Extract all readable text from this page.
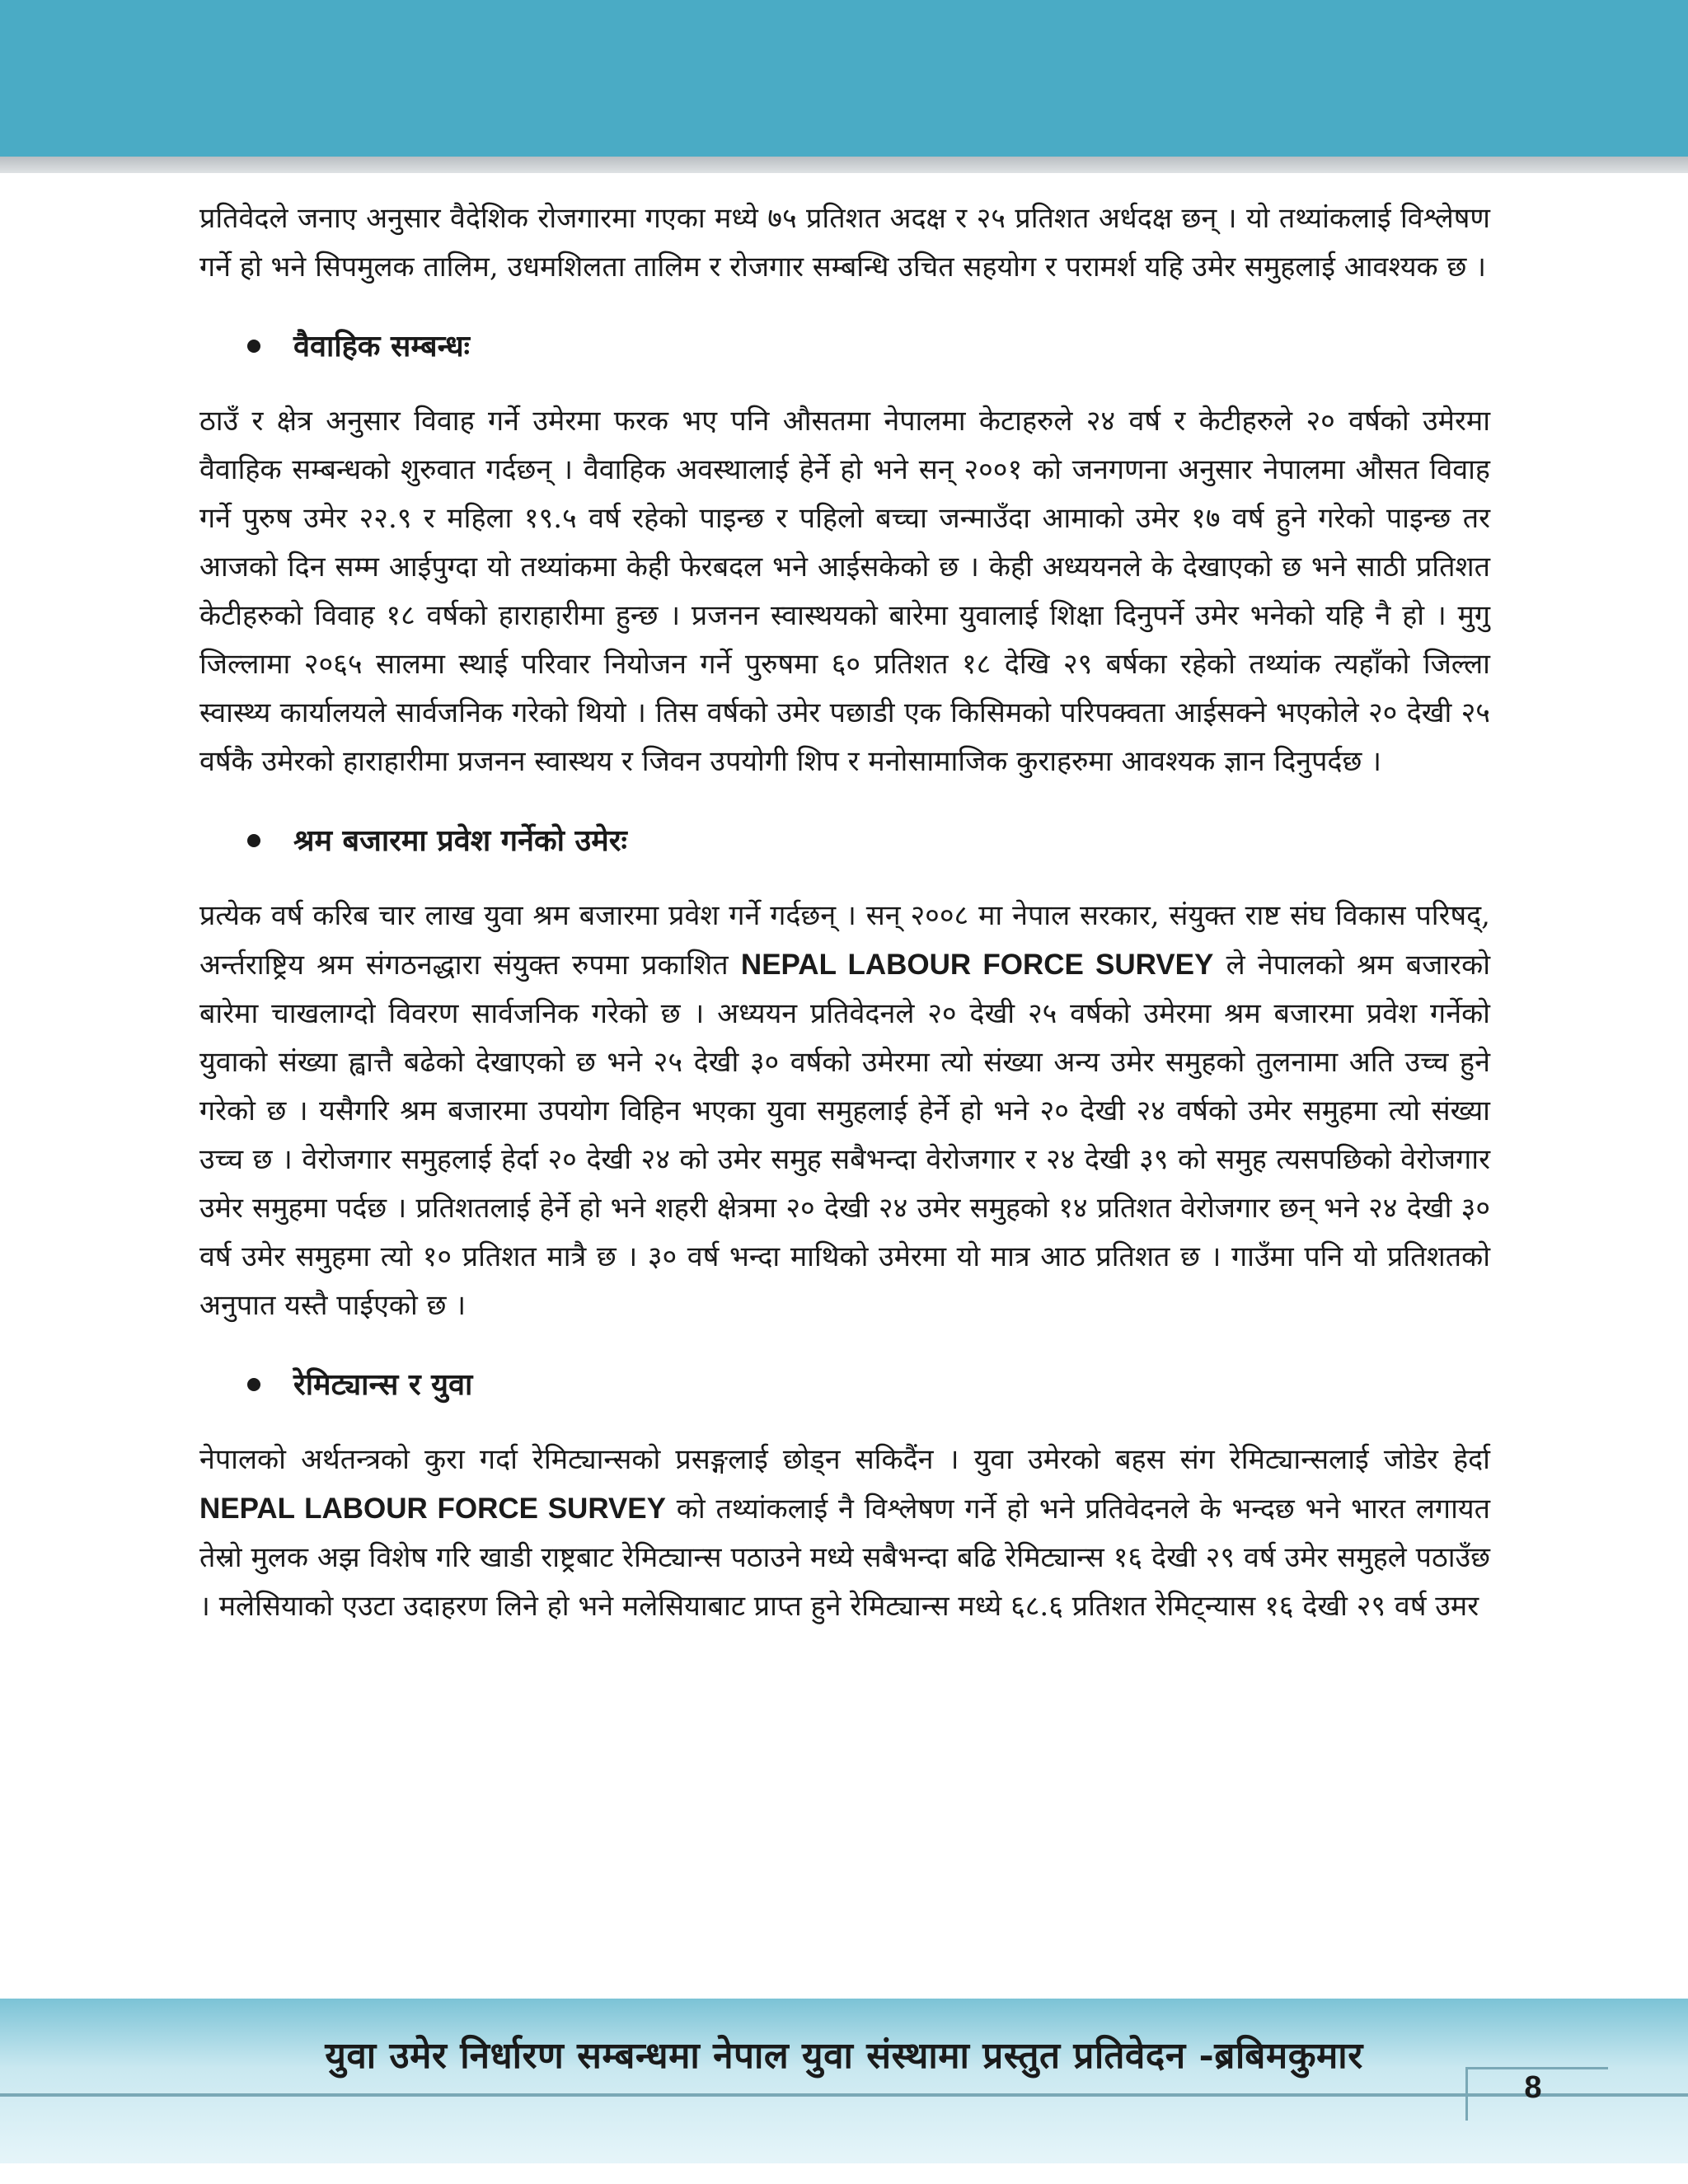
प्रतिवेदले जनाए अनुसार वैदेशिक रोजगारमा गएका मध्ये ७५ प्रतिशत अदक्ष र २५ प्रतिशत अर्धदक्ष छन् । यो तथ्यांकलाई विश्लेषण गर्ने हो भने सिपमुलक तालिम, उधमशिलता तालिम र रोजगार सम्बन्धि उचित सहयोग र परामर्श यहि उमेर समुहलाई आवश्यक छ ।

वैवाहिक सम्बन्धः

ठाउँ र क्षेत्र अनुसार विवाह गर्ने उमेरमा फरक भए पनि औसतमा नेपालमा केटाहरुले २४ वर्ष र केटीहरुले २० वर्षको उमेरमा वैवाहिक सम्बन्धको शुरुवात गर्दछन् । वैवाहिक अवस्थालाई हेर्ने हो भने सन् २००१ को जनगणना अनुसार नेपालमा औसत विवाह गर्ने पुरुष उमेर २२.९ र महिला १९.५ वर्ष रहेको पाइन्छ र पहिलो बच्चा जन्माउँदा आमाको उमेर १७ वर्ष हुने गरेको पाइन्छ तर आजको दिन सम्म आईपुग्दा यो तथ्यांकमा केही फेरबदल भने आईसकेको छ । केही अध्ययनले के देखाएको छ भने साठी प्रतिशत केटीहरुको विवाह १८ वर्षको हाराहारीमा हुन्छ । प्रजनन स्वास्थयको बारेमा युवालाई शिक्षा दिनुपर्ने उमेर भनेको यहि नै हो । मुगु जिल्लामा २०६५ सालमा स्थाई परिवार नियोजन गर्ने पुरुषमा ६० प्रतिशत १८ देखि २९ बर्षका रहेको तथ्यांक त्यहाँको जिल्ला स्वास्थ्य कार्यालयले सार्वजनिक गरेको थियो । तिस वर्षको उमेर पछाडी एक किसिमको परिपक्वता आईसक्ने भएकोले २० देखी २५ वर्षकै उमेरको हाराहारीमा प्रजनन स्वास्थय र जिवन उपयोगी शिप र मनोसामाजिक कुराहरुमा आवश्यक ज्ञान दिनुपर्दछ ।

श्रम बजारमा प्रवेश गर्नेको उमेरः

प्रत्येक वर्ष करिब चार लाख युवा श्रम बजारमा प्रवेश गर्ने गर्दछन् । सन् २००८ मा नेपाल सरकार, संयुक्त राष्ट संघ विकास परिषद्, अर्न्तराष्ट्रिय श्रम संगठनद्धारा संयुक्त रुपमा प्रकाशित NEPAL LABOUR FORCE SURVEY ले नेपालको श्रम बजारको बारेमा चाखलाग्दो विवरण सार्वजनिक गरेको छ । अध्ययन प्रतिवेदनले २० देखी २५ वर्षको उमेरमा श्रम बजारमा प्रवेश गर्नेको युवाको संख्या ह्वात्तै बढेको देखाएको छ भने २५ देखी ३० वर्षको उमेरमा त्यो संख्या अन्य उमेर समुहको तुलनामा अति उच्च हुने गरेको छ । यसैगरि श्रम बजारमा उपयोग विहिन भएका युवा समुहलाई हेर्ने हो भने २० देखी २४ वर्षको उमेर समुहमा त्यो संख्या उच्च छ । वेरोजगार समुहलाई हेर्दा २० देखी २४ को उमेर समुह सबैभन्दा वेरोजगार र २४ देखी ३९ को समुह त्यसपछिको वेरोजगार उमेर समुहमा पर्दछ । प्रतिशतलाई हेर्ने हो भने शहरी क्षेत्रमा २० देखी २४ उमेर समुहको १४ प्रतिशत वेरोजगार छन् भने २४ देखी ३० वर्ष उमेर समुहमा त्यो १० प्रतिशत मात्रै छ । ३० वर्ष भन्दा माथिको उमेरमा यो मात्र आठ प्रतिशत छ । गाउँमा पनि यो प्रतिशतको अनुपात यस्तै पाईएको छ ।

रेमिट्यान्स र युवा

नेपालको अर्थतन्त्रको कुरा गर्दा रेमिट्यान्सको प्रसङ्गलाई छोड्न सकिदैंन । युवा उमेरको बहस संग रेमिट्यान्सलाई जोडेर हेर्दा NEPAL LABOUR FORCE SURVEY को तथ्यांकलाई नै विश्लेषण गर्ने हो भने प्रतिवेदनले के भन्दछ भने भारत लगायत तेस्रो मुलक अझ विशेष गरि खाडी राष्ट्रबाट रेमिट्यान्स पठाउने मध्ये सबैभन्दा बढि रेमिट्यान्स १६ देखी २९ वर्ष उमेर समुहले पठाउँछ । मलेसियाको एउटा उदाहरण लिने हो भने मलेसियाबाट प्राप्त हुने रेमिट्यान्स मध्ये ६८.६ प्रतिशत रेमिट्न्यास १६ देखी २९ वर्ष उमर

युवा उमेर निर्धारण सम्बन्धमा नेपाल युवा संस्थामा प्रस्तुत प्रतिवेदन -ब्रबिमकुमार
8
